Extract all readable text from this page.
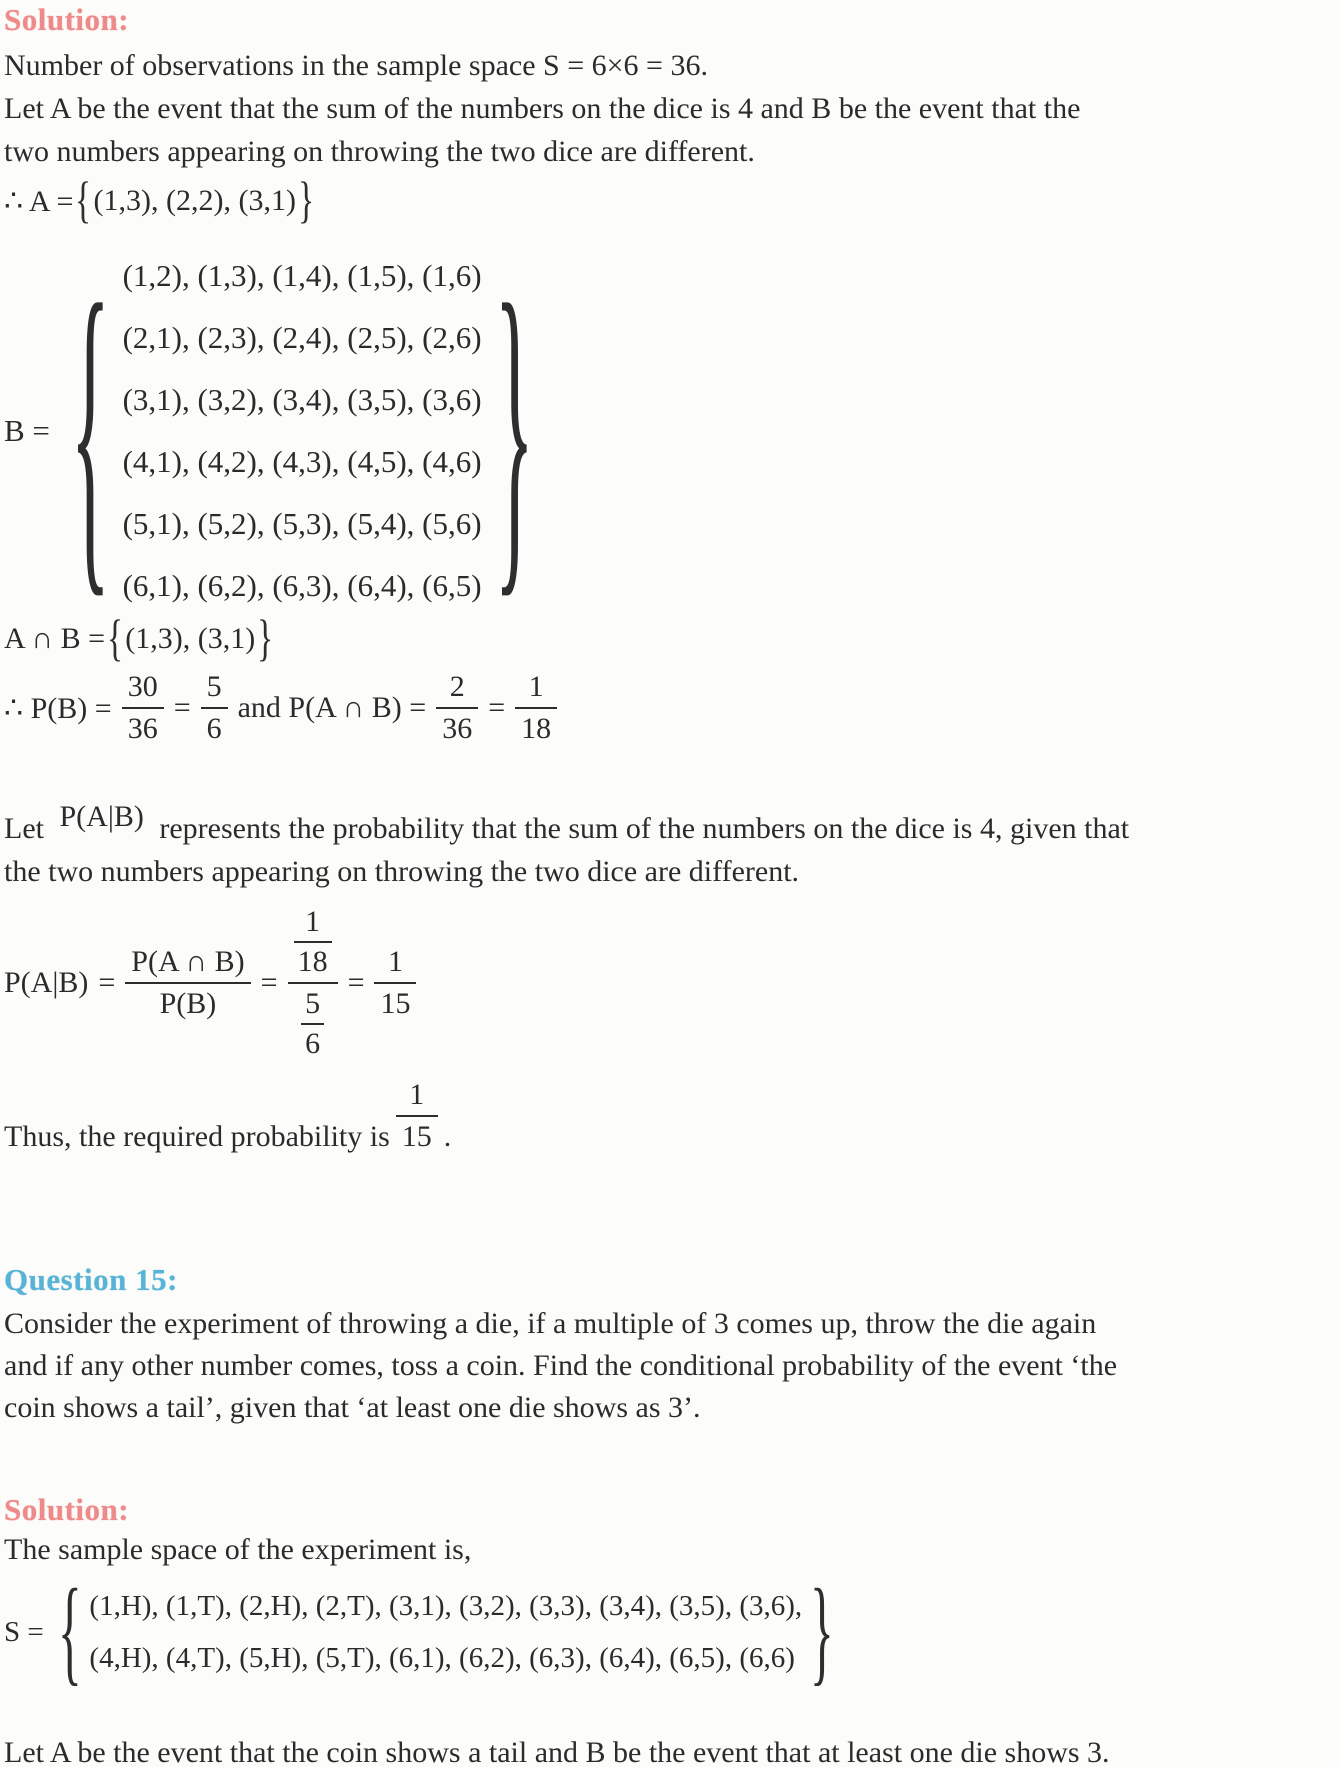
Solution:
Number of observations in the sample space S = 6×6 = 36.
Let A be the event that the sum of the numbers on the dice is 4 and B be the event that the
two numbers appearing on throwing the two dice are different.
∴ A = { (1,3), (2,2), (3,1) }
B = { (1,2), (1,3), (1,4), (1,5), (1,6)
(2,1), (2,3), (2,4), (2,5), (2,6)
(3,1), (3,2), (3,4), (3,5), (3,6)
(4,1), (4,2), (4,3), (4,5), (4,6)
(5,1), (5,2), (5,3), (5,4), (5,6)
(6,1), (6,2), (6,3), (6,4), (6,5) }
A ∩ B = { (1,3), (3,1) }
∴ $P(B) = \frac{30}{36} = \frac{5}{6}$ and P(A ∩ $B) = \frac{2}{36} = \frac{1}{18}$
Let P(A|B) represents the probability that the sum of the numbers on the dice is 4, given that
the two numbers appearing on throwing the two dice are different.
$P(A|B) = \frac{P(A \cap B)}{P(B)} = \frac{\frac{1}{18}}{\frac{5}{6}} = \frac{1}{15}$
Thus, the required probability is $\frac{1}{15}$ .
Question 15:
Consider the experiment of throwing a die, if a multiple of 3 comes up, throw the die again
and if any other number comes, toss a coin. Find the conditional probability of the event ‘the
coin shows a tail’, given that ‘at least one die shows as 3’.
Solution:
The sample space of the experiment is,
S = { (1,H), (1,T), (2,H), (2,T), (3,1), (3,2), (3,3), (3,4), (3,5), (3,6),
(4,H), (4,T), (5,H), (5,T), (6,1), (6,2), (6,3), (6,4), (6,5), (6,6) }
Let A be the event that the coin shows a tail and B be the event that at least one die shows 3.
